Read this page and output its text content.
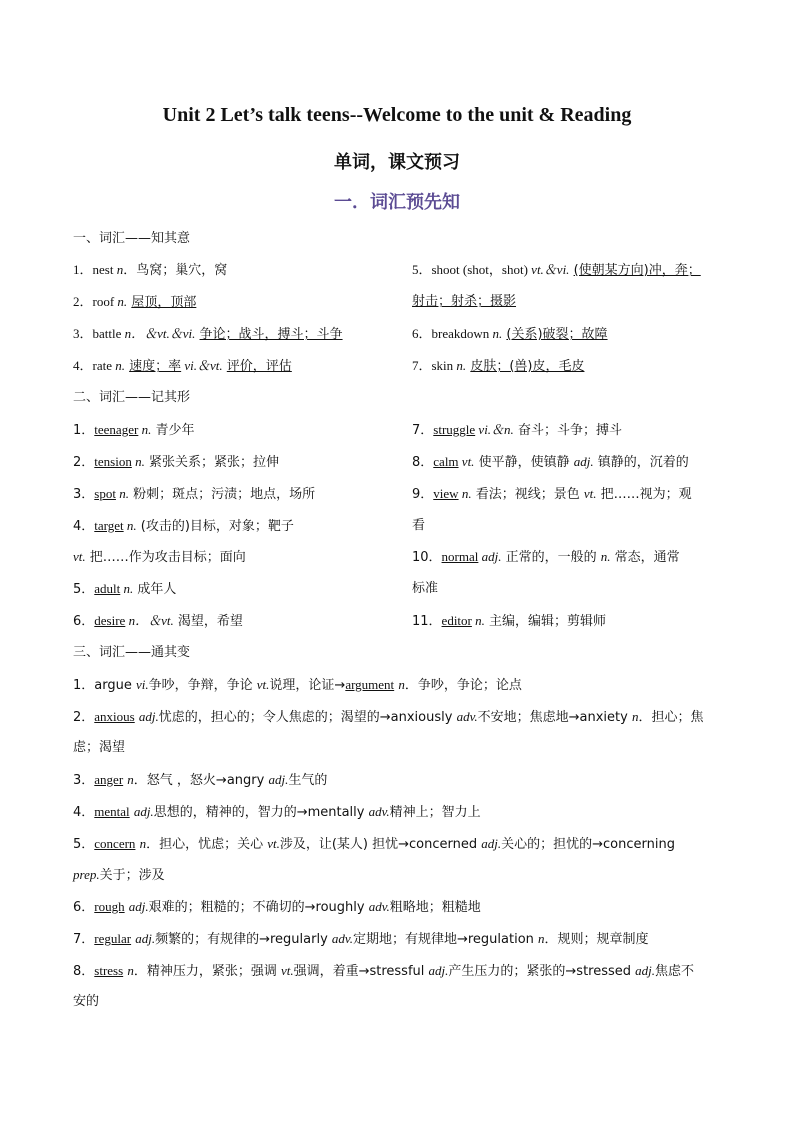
Unit 2 Let’s talk teens--Welcome to the unit & Reading
单词，课文预习
一．词汇预先知
一、词汇——知其意
1．nest n．鸟窝；巢穴，窝	5．shoot (shot，shot) vt.＆vi. (使朝某方向)冲，奔；
2．roof n. 屋顶，顶部	射击；射杀；摄影
3．battle n．＆vt.＆vi. 争论；战斗，搏斗；斗争	6．breakdown n. (关系)破裂；故障
4．rate n. 速度；率 vi.＆vt. 评价，评估	7．skin n. 皮肤；(兽)皮，毛皮
二、词汇——记其形
1．teenager n. 青少年	7．struggle vi.＆n. 奋斗；斗争；搏斗
2．tension n. 紧张关系；紧张；拉伸	8．calm vt. 使平静，使镇静 adj. 镇静的，沉着的
3．spot n. 粉刺；斑点；污渍；地点，场所	9．view n. 看法；视线；景色 vt. 把……视为；观
4．target n. (攻击的)目标，对象；靶子	看
vt. 把……作为攻击目标；面向	10．normal adj. 正常的，一般的 n. 常态，通常
5．adult n. 成年人	标准
6．desire n．＆vt. 渴望，希望	11．editor n. 主编，编辑；剪辑师
三、词汇——通其变
1．argue vi.争吵，争辩，争论 vt.说理，论证→argument n．争吵，争论；论点
2．anxious adj.忧虑的，担心的；令人焦虑的；渴望的→anxiously adv.不安地；焦虑地→anxiety n．担心；焦
虑；渴望
3．anger n．怒气 ，怒火→angry adj.生气的
4．mental adj.思想的，精神的，智力的→mentally adv.精神上；智力上
5．concern n．担心，忧虑；关心 vt.涉及，让(某人) 担忧→concerned adj.关心的；担忧的→concerning
prep.关于；涉及
6．rough adj.艰难的；粗糙的；不确切的→roughly adv.粗略地；粗糙地
7．regular adj.频繁的；有规律的→regularly adv.定期地；有规律地→regulation n．规则；规章制度
8．stress n．精神压力，紧张；强调 vt.强调，着重→stressful adj.产生压力的；紧张的→stressed adj.焦虑不
安的
